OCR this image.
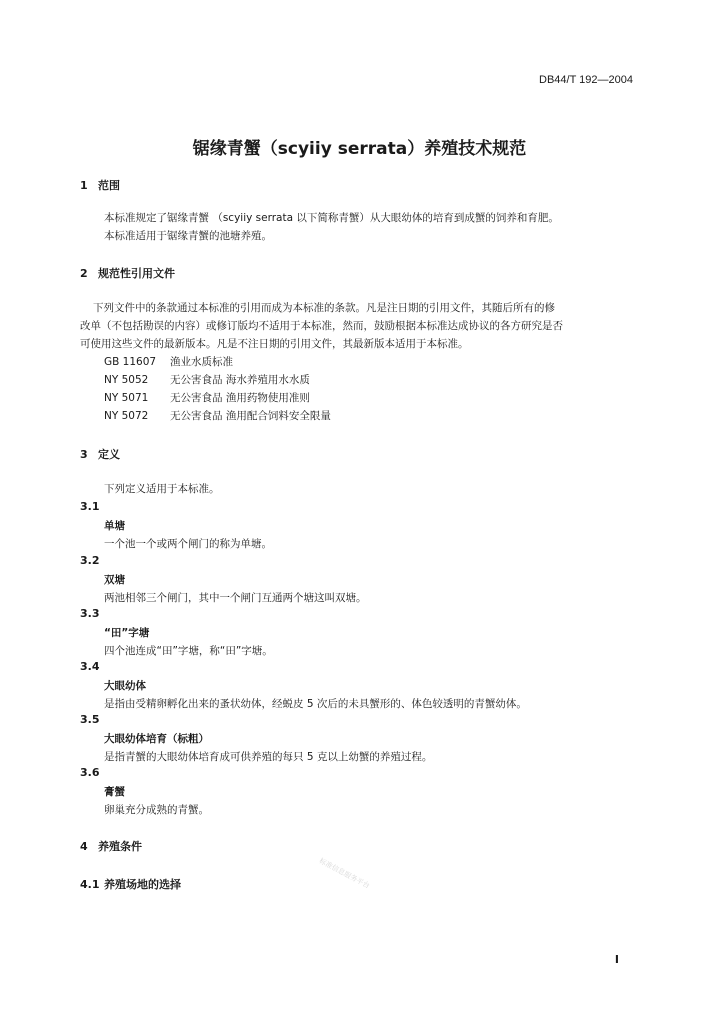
DB44/T 192—2004
锯缘青蟹（scyiiy serrata）养殖技术规范
1 范围
本标准规定了锯缘青蟹 （scyiiy serrata 以下简称青蟹）从大眼幼体的培育到成蟹的饲养和育肥。
本标准适用于锯缘青蟹的池塘养殖。
2 规范性引用文件
下列文件中的条款通过本标准的引用而成为本标准的条款。凡是注日期的引用文件，其随后所有的修
改单（不包括勘误的内容）或修订版均不适用于本标准，然而，鼓励根据本标准达成协议的各方研究是否
可使用这些文件的最新版本。凡是不注日期的引用文件，其最新版本适用于本标准。
GB 11607 渔业水质标准
NY 5052 无公害食品 海水养殖用水水质
NY 5071 无公害食品 渔用药物使用准则
NY 5072 无公害食品 渔用配合饲料安全限量
3 定义
下列定义适用于本标准。
3.1
单塘
一个池一个或两个闸门的称为单塘。
3.2
双塘
两池相邻三个闸门，其中一个闸门互通两个塘这叫双塘。
3.3
“田”字塘
四个池连成“田”字塘，称“田”字塘。
3.4
大眼幼体
是指由受精卵孵化出来的蚤状幼体，经蜕皮 5 次后的未具蟹形的、体色较透明的青蟹幼体。
3.5
大眼幼体培育（标粗）
是指青蟹的大眼幼体培育成可供养殖的每只 5 克以上幼蟹的养殖过程。
3.6
膏蟹
卵巢充分成熟的青蟹。
4 养殖条件
4.1 养殖场地的选择	标准信息服务平台
I
